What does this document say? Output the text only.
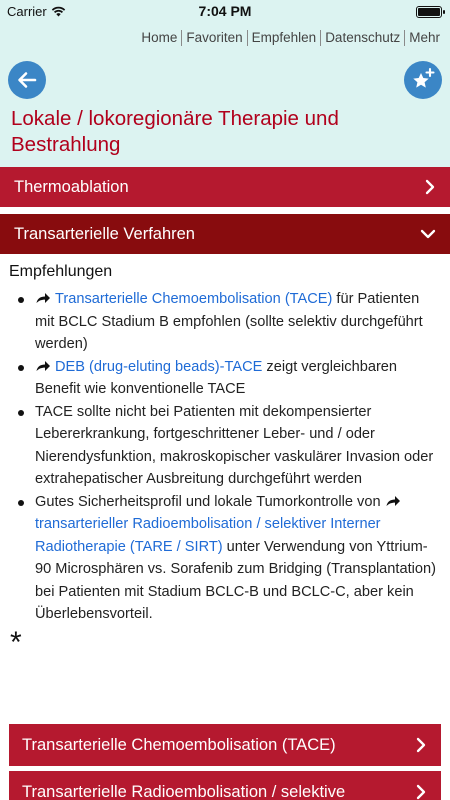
Carrier	7:04 PM
Home Favoriten Empfehlen Datenschutz Mehr
Lokale / lokoregionäre Therapie und Bestrahlung
Thermoablation
Transarterielle Verfahren
Empfehlungen
Transarterielle Chemoembolisation (TACE) für Patienten mit BCLC Stadium B empfohlen (sollte selektiv durchgeführt werden)
DEB (drug-eluting beads)-TACE zeigt vergleichbaren Benefit wie konventionelle TACE
TACE sollte nicht bei Patienten mit dekompensierter Lebererkrankung, fortgeschrittener Leber- und / oder Nierendysfunktion, makroskopischer vaskulärer Invasion oder extrahepatischer Ausbreitung durchgeführt werden
Gutes Sicherheitsprofil und lokale Tumorkontrolle von transarterieller Radioembolisation / selektiver Interner Radiotherapie (TARE / SIRT) unter Verwendung von Yttrium-90 Microsphären vs. Sorafenib zum Bridging (Transplantation) bei Patienten mit Stadium BCLC-B und BCLC-C, aber kein Überlebensvorteil.
*
Transarterielle Chemoembolisation (TACE)
Transarterielle Radioembolisation / selektive
